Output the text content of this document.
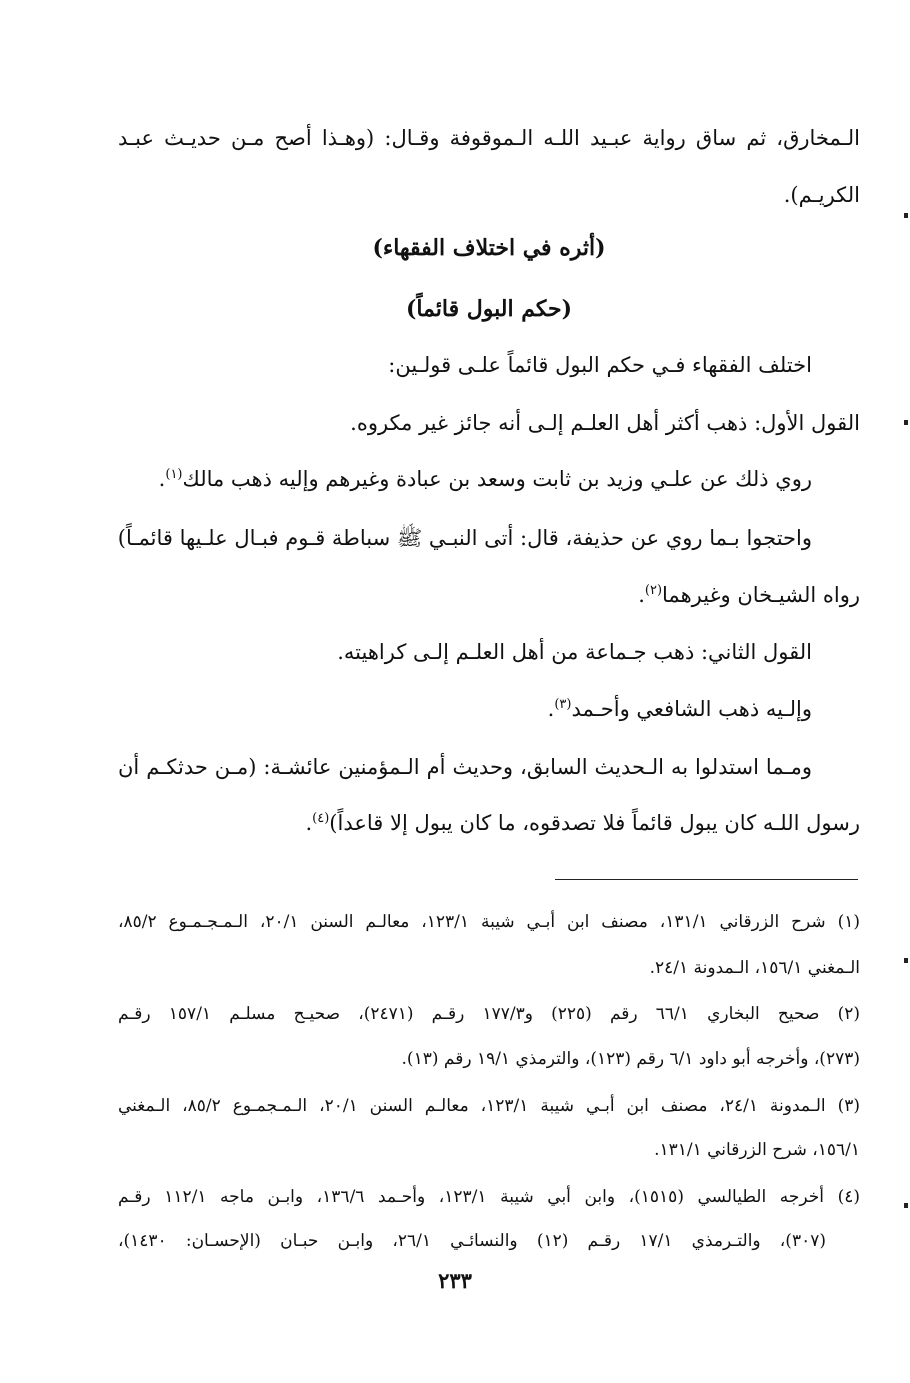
الـمخارق، ثم ساق رواية عبـيد اللـه الـموقوفة وقـال: (وهـذا أصح مـن حديـث عبـد
الكريـم).
(أثره في اختلاف الفقهاء)
(حكم البول قائماً)
اختلف الفقهاء فـي حكم البول قائماً علـى قولـين:
القول الأول: ذهب أكثر أهل العلـم إلـى أنه جائز غير مكروه.
روي ذلك عن علـي وزيد بن ثابت وسعد بن عبادة وغيرهم وإليه ذهب مالك$^{(١)}$.
واحتجوا بـما روي عن حذيفة، قال: أتى النبـي ﷺ سباطة قـوم فبـال علـيها قائمـاً)
رواه الشيـخان وغيرهما$^{(٢)}$.
القول الثاني: ذهب جـماعة من أهل العلـم إلـى كراهيته.
وإلـيه ذهب الشافعي وأحـمد$^{(٣)}$.
ومـما استدلوا به الـحديث السابق، وحديث أم الـمؤمنين عائشـة: (مـن حدثكـم أن
رسول اللـه كان يبول قائماً فلا تصدقوه، ما كان يبول إلا قاعداً)$^{(٤)}$.
(١) شرح الزرقاني ١٣١/١، مصنف ابن أبـي شيبة ١٢٣/١، معالـم السنن ٢٠/١، الـمـجـمـوع ٨٥/٢،
الـمغني ١٥٦/١، الـمدونة ٢٤/١.
(٢) صحيح البخاري ٦٦/١ رقم (٢٢٥) و١٧٧/٣ رقـم (٢٤٧١)، صحيـح مسلـم ١٥٧/١ رقـم
(٢٧٣)، وأخرجه أبو داود ٦/١ رقم (١٢٣)، والترمذي ١٩/١ رقم (١٣).
(٣) الـمدونة ٢٤/١، مصنف ابن أبـي شيبة ١٢٣/١، معالـم السنن ٢٠/١، الـمـجمـوع ٨٥/٢، الـمغني
١٥٦/١، شرح الزرقاني ١٣١/١.
(٤) أخرجه الطيالسي (١٥١٥)، وابن أبي شيبة ١٢٣/١، وأحـمد ١٣٦/٦، وابـن ماجه ١١٢/١ رقـم
(٣٠٧)، والتـرمذي ١٧/١ رقـم (١٢) والنسائـي ٢٦/١، وابـن حبـان (الإحسـان: ١٤٣٠)،
٢٣٣
